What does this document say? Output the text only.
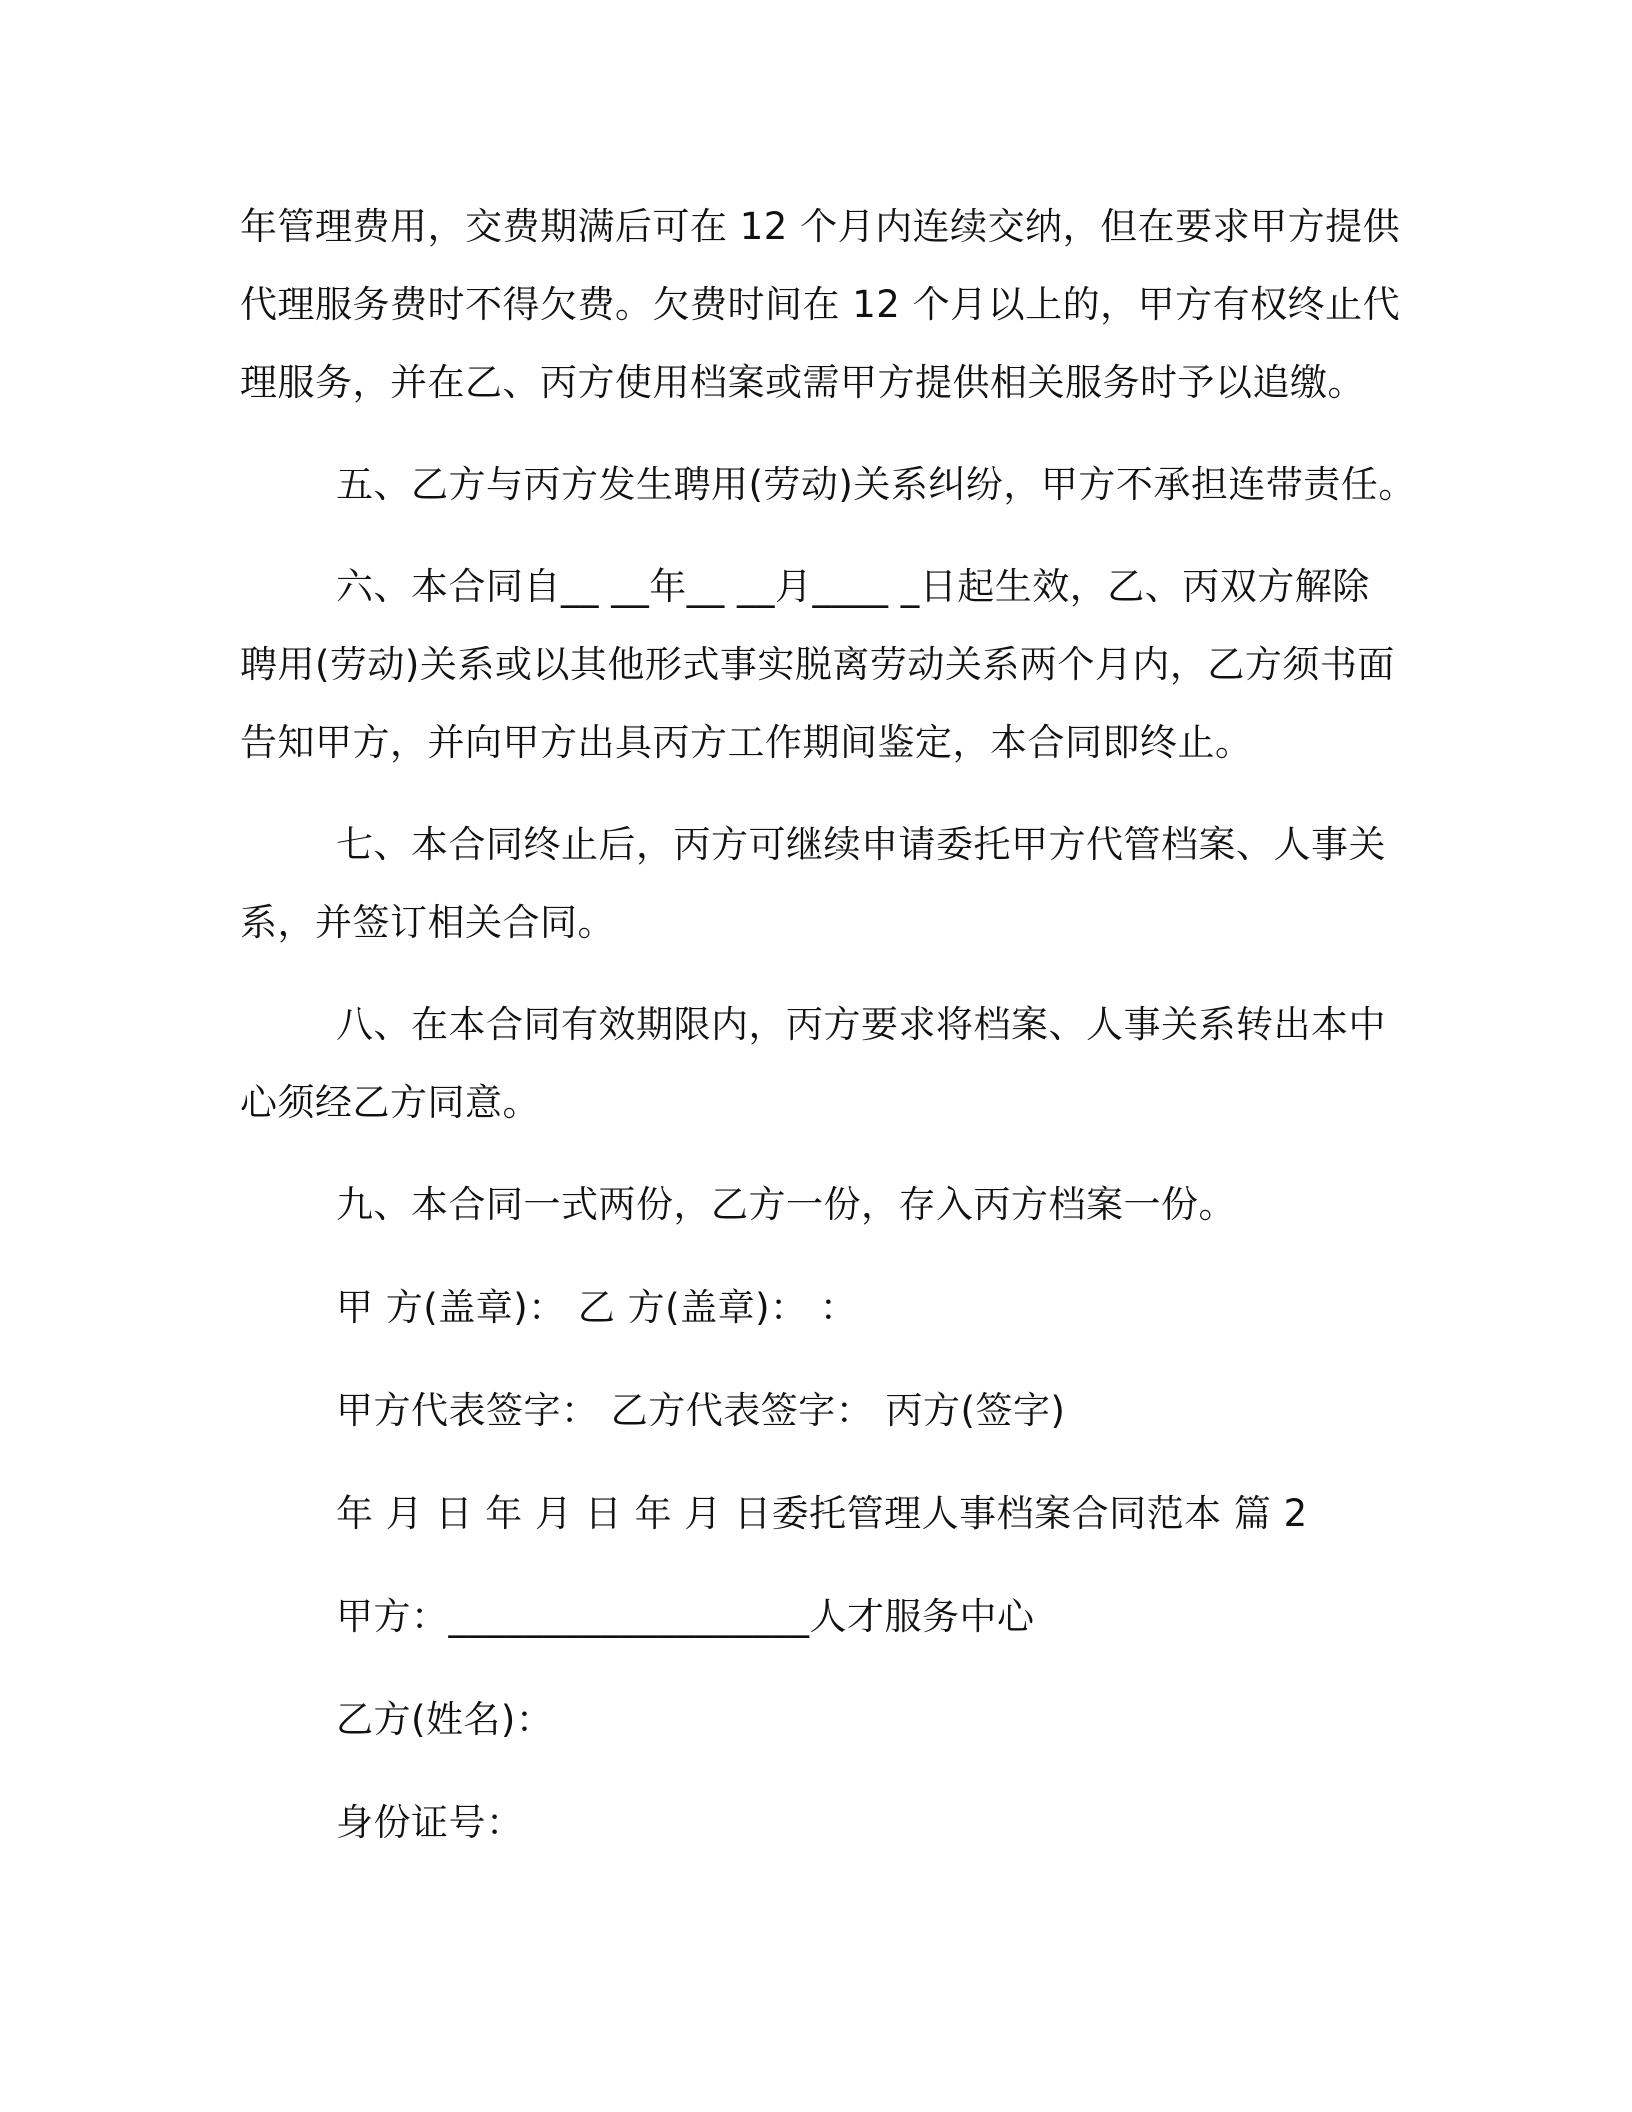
年管理费用，交费期满后可在 12 个月内连续交纳，但在要求甲方提供
代理服务费时不得欠费。欠费时间在 12 个月以上的，甲方有权终止代
理服务，并在乙、丙方使用档案或需甲方提供相关服务时予以追缴。
五、乙方与丙方发生聘用(劳动)关系纠纷，甲方不承担连带责任。
六、本合同自__ __年__ __月____ _日起生效，乙、丙双方解除
聘用(劳动)关系或以其他形式事实脱离劳动关系两个月内，乙方须书面
告知甲方，并向甲方出具丙方工作期间鉴定，本合同即终止。
七、本合同终止后，丙方可继续申请委托甲方代管档案、人事关
系，并签订相关合同。
八、在本合同有效期限内，丙方要求将档案、人事关系转出本中
心须经乙方同意。
九、本合同一式两份，乙方一份，存入丙方档案一份。
甲 方(盖章)： 乙 方(盖章)： ：
甲方代表签字： 乙方代表签字： 丙方(签字)
年 月 日 年 月 日 年 月 日委托管理人事档案合同范本 篇 2
甲方：___________________人才服务中心
乙方(姓名)：
身份证号：
